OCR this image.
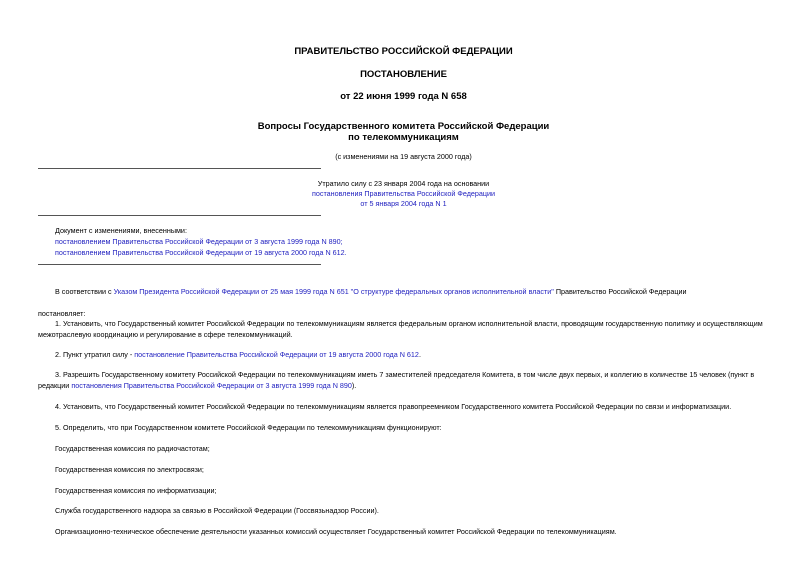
ПРАВИТЕЛЬСТВО РОССИЙСКОЙ ФЕДЕРАЦИИ
ПОСТАНОВЛЕНИЕ
от 22 июня 1999 года N 658
Вопросы Государственного комитета Российской Федерации
по телекоммуникациям
(с изменениями на 19 августа 2000 года)
Утратило силу с 23 января 2004 года на основании
постановления Правительства Российской Федерации
от 5 января 2004 года N 1
Документ с изменениями, внесенными:
постановлением Правительства Российской Федерации от 3 августа 1999 года N 890;
постановлением Правительства Российской Федерации от 19 августа 2000 года N 612.

В соответствии с Указом Президента Российской Федерации от 25 мая 1999 года N 651 "О структуре федеральных органов исполнительной власти" Правительство Российской Федерации

постановляет:

1. Установить, что Государственный комитет Российской Федерации по телекоммуникациям является федеральным органом исполнительной власти, проводящим государственную политику и осуществляющим межотраслевую координацию и регулирование в сфере телекоммуникаций.

2. Пункт утратил силу - постановление Правительства Российской Федерации от 19 августа 2000 года N 612.

3. Разрешить Государственному комитету Российской Федерации по телекоммуникациям иметь 7 заместителей председателя Комитета, в том числе двух первых, и коллегию в количестве 15 человек (пункт в редакции постановления Правительства Российской Федерации от 3 августа 1999 года N 890).

4. Установить, что Государственный комитет Российской Федерации по телекоммуникациям является правопреемником Государственного комитета Российской Федерации по связи и информатизации.

5. Определить, что при Государственном комитете Российской Федерации по телекоммуникациям функционируют:

Государственная комиссия по радиочастотам;
Государственная комиссия по электросвязи;
Государственная комиссия по информатизации;
Служба государственного надзора за связью в Российской Федерации (Госсвязьнадзор России).

Организационно-техническое обеспечение деятельности указанных комиссий осуществляет Государственный комитет Российской Федерации по телекоммуникациям.
